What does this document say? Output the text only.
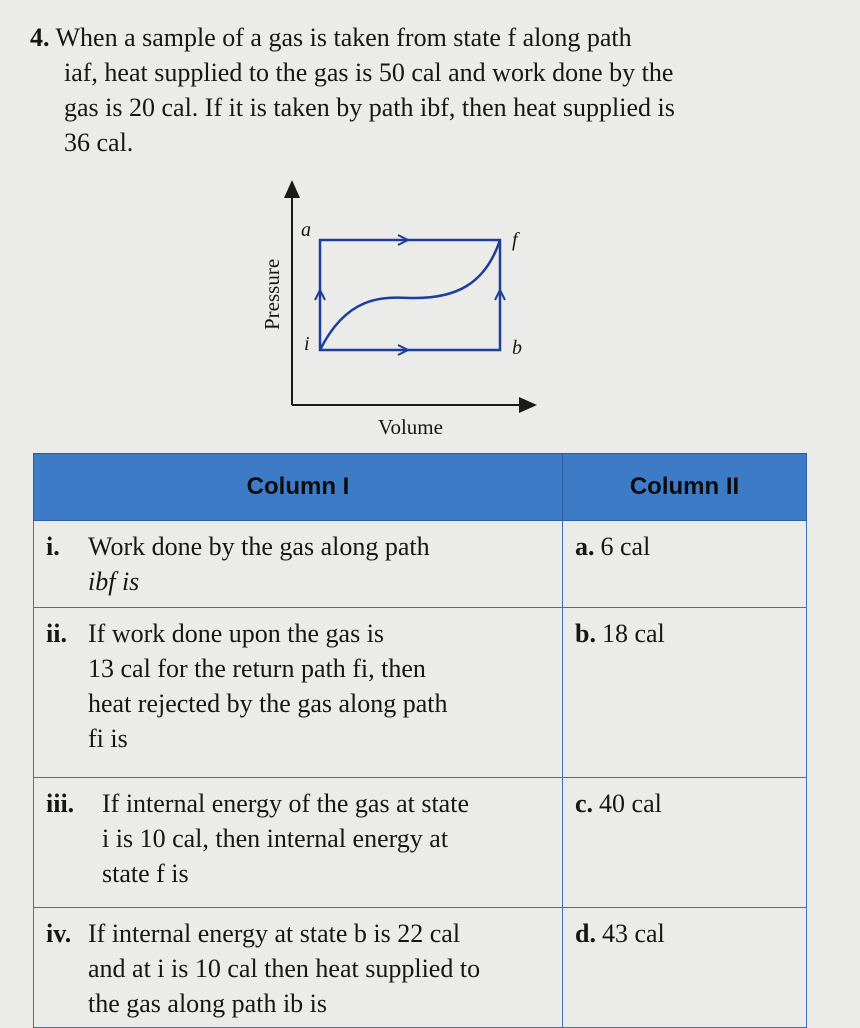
4. When a sample of a gas is taken from state f along path
iaf, heat supplied to the gas is 50 cal and work done by the
gas is 20 cal. If it is taken by path ibf, then heat supplied is
36 cal.
a	f
i	b
Pressure
Volume
Column I	Column II

i. Work done by the gas along path
ibf is	a. 6 cal

ii. If work done upon the gas is
13 cal for the return path fi, then
heat rejected by the gas along path
fi is	b. 18 cal

iii. If internal energy of the gas at state
i is 10 cal, then internal energy at
state f is	c. 40 cal

iv. If internal energy at state b is 22 cal
and at i is 10 cal then heat supplied to
the gas along path ib is	d. 43 cal
